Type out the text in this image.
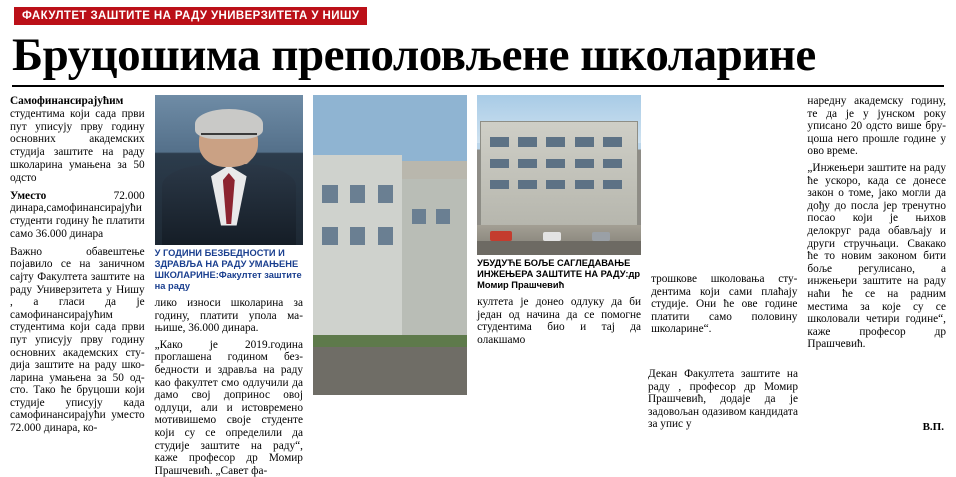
ФАКУЛТЕТ ЗАШТИТЕ НА РАДУ УНИВЕРЗИТЕТА У НИШУ
Бруцошима преполовљене школарине

Самофинансирајућим студентима који сада први пут уписују прву годину основних академских студија заштите на раду школарина умањена за 50 одсто

Уместо 72.000 динара,самофинансирајући студенти годину ће платити само 36.000 динара

Важно обавештење појавило се на заничном сајту Факултета заштите на раду Универзитета у Нишу , а гласи да је самофинансирајућим студентима који сада први пут уписују прву годину основних академских студија заштите на раду школарина умањена за 50 одсто. Тако ће бруцоши који студије уписују када самофинансирајући уместо 72.000 динара, ко-

У ГОДИНИ БЕЗБЕДНОСТИ И ЗДРАВЉА НА РАДУ УМАЊЕНЕ ШКОЛАРИНЕ:Факултет заштите на раду

лико износи школарина за годину, платити упола мањише, 36.000 динара.

„Како је 2019.година проглашена годином безбедности и здравља на раду као факултет смо одлучили да дамо свој допринос овој одлуци, али и истовремено мотивишемо своје студенте који су се определили да студије заштите на раду“, каже професор др Момир Прашчевић. „Савет фа-

УБУДУЋЕ БОЉЕ САГЛЕДАВАЊЕ ИНЖЕЊЕРА ЗАШТИТЕ НА РАДУ:др Момир Прашчевић

култета је донео одлуку да би један од начина да се помогне студентима био и тај да олакшамо

трошкове школовања студентима који сами плаћају студије. Они ће ове године платити само половину школарине“.

наредну академску годину, те да је у јунском року уписано 20 одсто више бруцоша него прошле године у ово време.

„Инжењери заштите на раду ће ускоро, када се донесе закон о томе, јако могли да дођу до посла јер тренутно посао који је њихов делокруг рада обављају и други стручњаци. Свакако ће то новим законом бити боље регулисано, а инжењери заштите на раду наћи ће се на радним местима за које су се школовали четири године“, каже професор др Прашчевић.

Декан Факултета заштите на раду , професор др Момир Прашчевић, додаје да је задовољан одазивом кандидата за упис у	В.П.
